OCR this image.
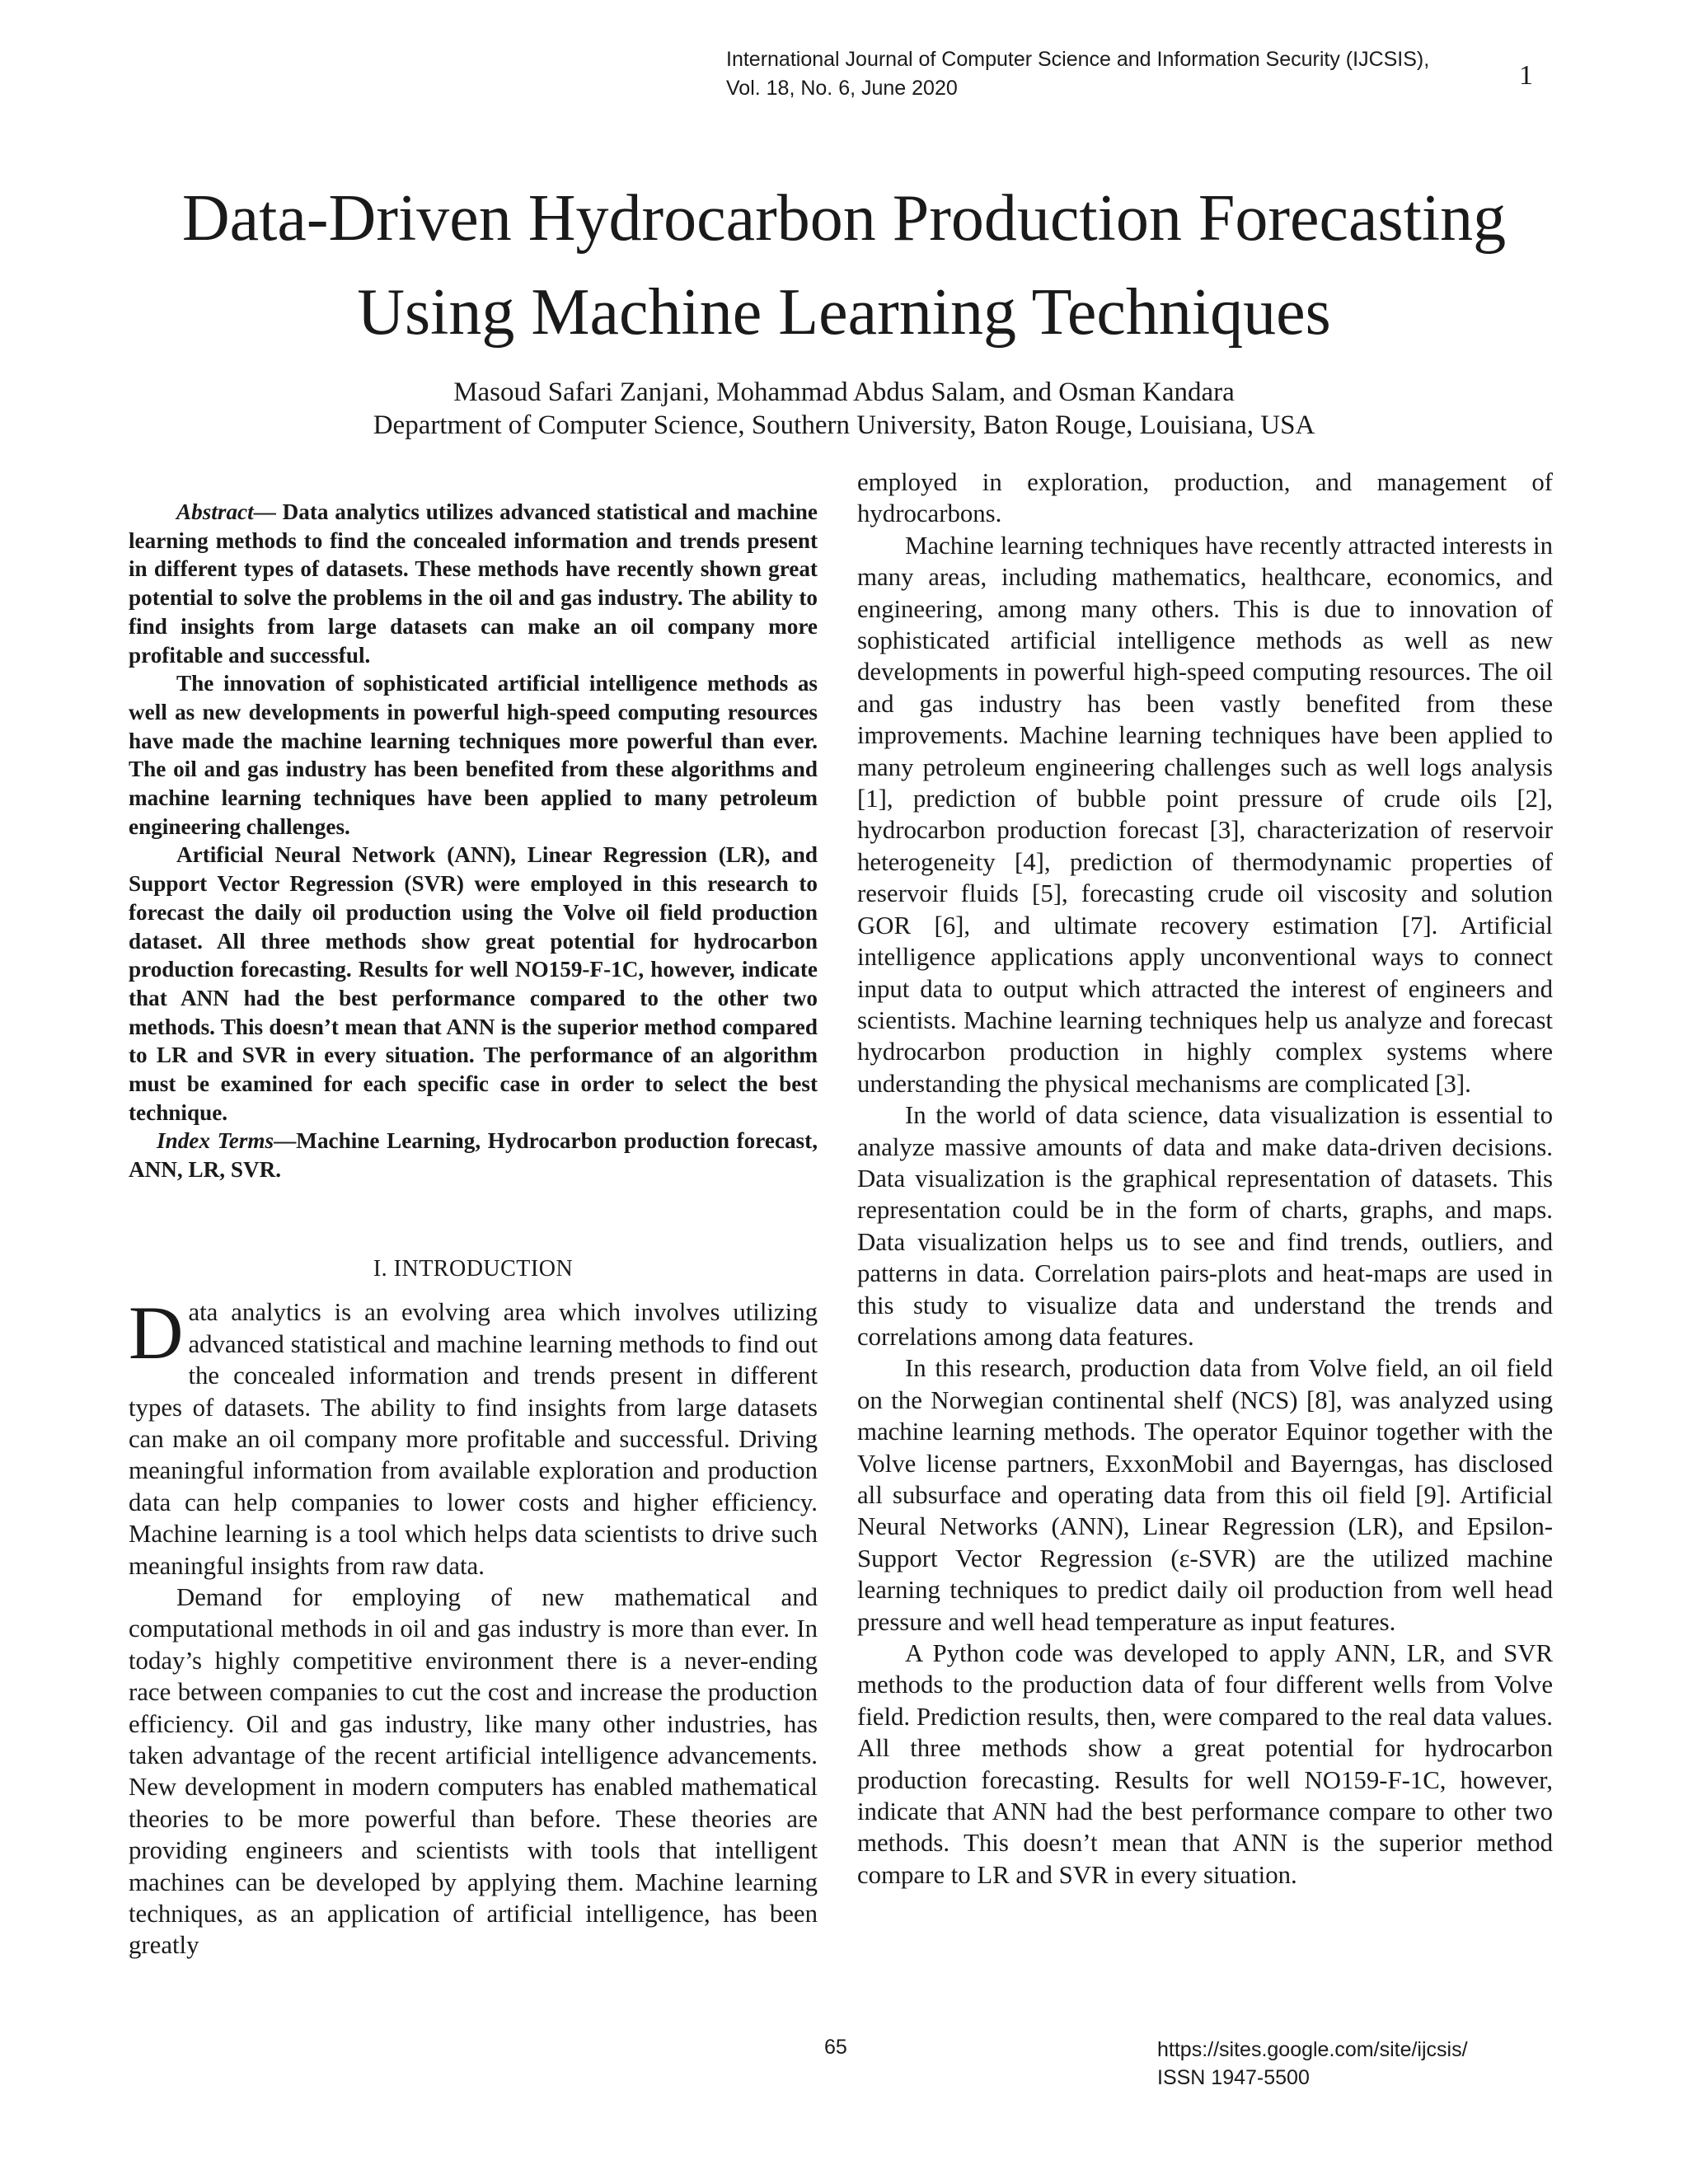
International Journal of Computer Science and Information Security (IJCSIS),
Vol. 18, No. 6, June 2020	1
Data-Driven Hydrocarbon Production Forecasting
Using Machine Learning Techniques
Masoud Safari Zanjani, Mohammad Abdus Salam, and Osman Kandara
Department of Computer Science, Southern University, Baton Rouge, Louisiana, USA

Abstract— Data analytics utilizes advanced statistical and machine learning methods to find the concealed information and trends present in different types of datasets. These methods have recently shown great potential to solve the problems in the oil and gas industry. The ability to find insights from large datasets can make an oil company more profitable and successful.

The innovation of sophisticated artificial intelligence methods as well as new developments in powerful high-speed computing resources have made the machine learning techniques more powerful than ever. The oil and gas industry has been benefited from these algorithms and machine learning techniques have been applied to many petroleum engineering challenges.

Artificial Neural Network (ANN), Linear Regression (LR), and Support Vector Regression (SVR) were employed in this research to forecast the daily oil production using the Volve oil field production dataset. All three methods show great potential for hydrocarbon production forecasting. Results for well NO159-F-1C, however, indicate that ANN had the best performance compared to the other two methods. This doesn’t mean that ANN is the superior method compared to LR and SVR in every situation. The performance of an algorithm must be examined for each specific case in order to select the best technique.

Index Terms—Machine Learning, Hydrocarbon production forecast, ANN, LR, SVR.

I. INTRODUCTION

Data analytics is an evolving area which involves utilizing advanced statistical and machine learning methods to find out the concealed information and trends present in different types of datasets. The ability to find insights from large datasets can make an oil company more profitable and successful. Driving meaningful information from available exploration and production data can help companies to lower costs and higher efficiency. Machine learning is a tool which helps data scientists to drive such meaningful insights from raw data.

Demand for employing of new mathematical and computational methods in oil and gas industry is more than ever. In today’s highly competitive environment there is a never-ending race between companies to cut the cost and increase the production efficiency. Oil and gas industry, like many other industries, has taken advantage of the recent artificial intelligence advancements. New development in modern computers has enabled mathematical theories to be more powerful than before. These theories are providing engineers and scientists with tools that intelligent machines can be developed by applying them. Machine learning techniques, as an application of artificial intelligence, has been greatly

employed in exploration, production, and management of hydrocarbons.

Machine learning techniques have recently attracted interests in many areas, including mathematics, healthcare, economics, and engineering, among many others. This is due to innovation of sophisticated artificial intelligence methods as well as new developments in powerful high-speed computing resources. The oil and gas industry has been vastly benefited from these improvements. Machine learning techniques have been applied to many petroleum engineering challenges such as well logs analysis [1], prediction of bubble point pressure of crude oils [2], hydrocarbon production forecast [3], characterization of reservoir heterogeneity [4], prediction of thermodynamic properties of reservoir fluids [5], forecasting crude oil viscosity and solution GOR [6], and ultimate recovery estimation [7]. Artificial intelligence applications apply unconventional ways to connect input data to output which attracted the interest of engineers and scientists. Machine learning techniques help us analyze and forecast hydrocarbon production in highly complex systems where understanding the physical mechanisms are complicated [3].

In the world of data science, data visualization is essential to analyze massive amounts of data and make data-driven decisions. Data visualization is the graphical representation of datasets. This representation could be in the form of charts, graphs, and maps. Data visualization helps us to see and find trends, outliers, and patterns in data. Correlation pairs-plots and heat-maps are used in this study to visualize data and understand the trends and correlations among data features.

In this research, production data from Volve field, an oil field on the Norwegian continental shelf (NCS) [8], was analyzed using machine learning methods. The operator Equinor together with the Volve license partners, ExxonMobil and Bayerngas, has disclosed all subsurface and operating data from this oil field [9]. Artificial Neural Networks (ANN), Linear Regression (LR), and Epsilon-Support Vector Regression (ε-SVR) are the utilized machine learning techniques to predict daily oil production from well head pressure and well head temperature as input features.

A Python code was developed to apply ANN, LR, and SVR methods to the production data of four different wells from Volve field. Prediction results, then, were compared to the real data values. All three methods show a great potential for hydrocarbon production forecasting. Results for well NO159-F-1C, however, indicate that ANN had the best performance compare to other two methods. This doesn’t mean that ANN is the superior method compare to LR and SVR in every situation.

65	https://sites.google.com/site/ijcsis/
ISSN 1947-5500
